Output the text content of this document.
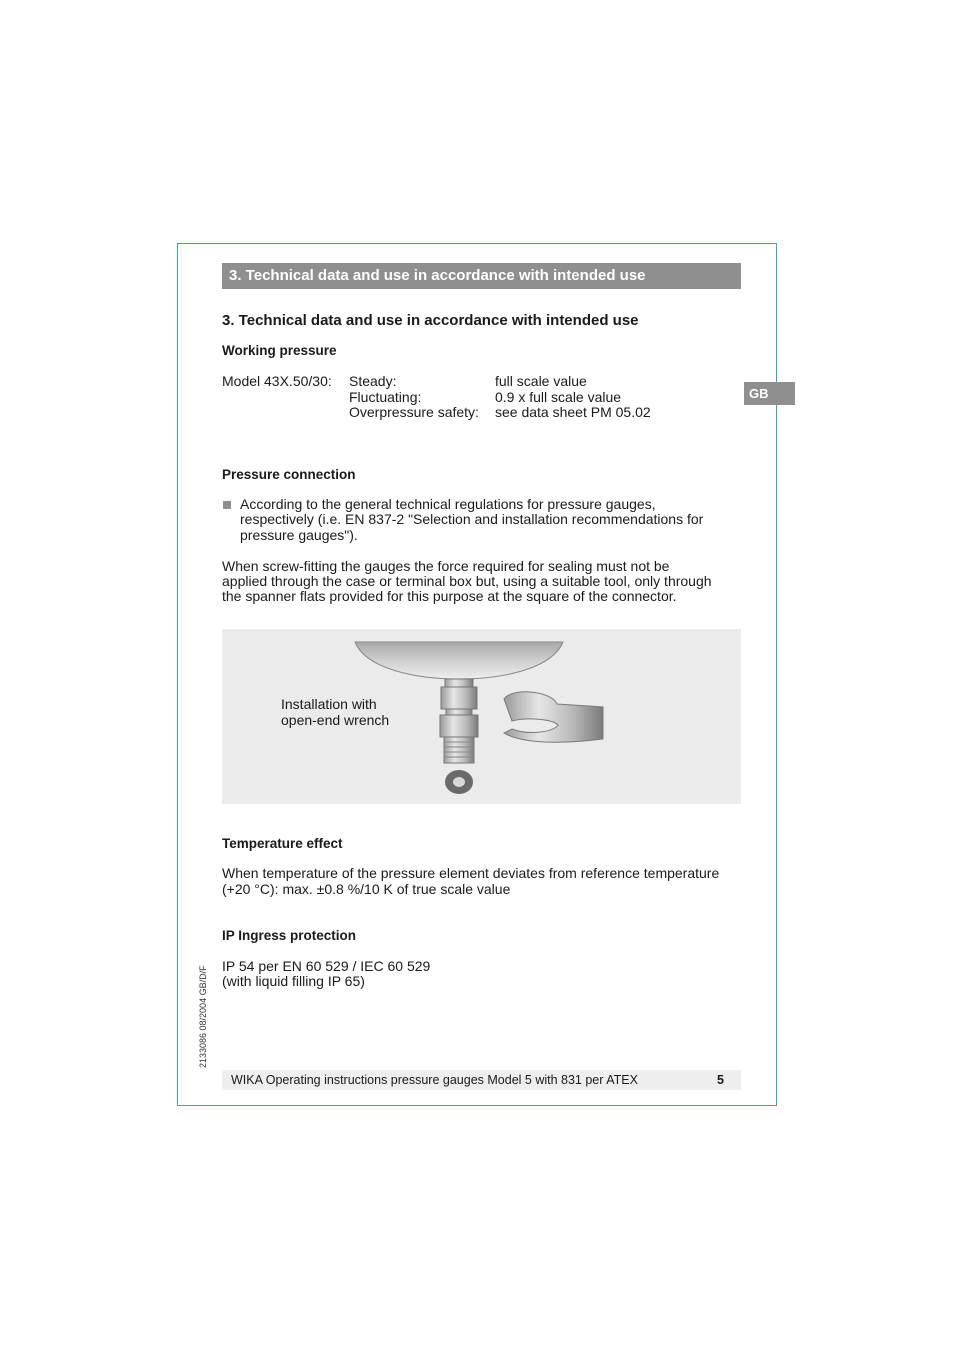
3. Technical data and use in accordance with intended use
GB
3. Technical data and use in accordance with intended use
Working pressure
Model 43X.50/30: Steady:	full scale value
Fluctuating:	0.9 x full scale value
Overpressure safety: see data sheet PM 05.02
Pressure connection
According to the general technical regulations for pressure gauges,
respectively (i.e. EN 837-2 "Selection and installation recommendations for
pressure gauges").
When screw-fitting the gauges the force required for sealing must not be
applied through the case or terminal box but, using a suitable tool, only through
the spanner flats provided for this purpose at the square of the connector.
Installation with
open-end wrench
Temperature effect
When temperature of the pressure element deviates from reference temperature
(+20 °C): max. ±0.8 %/10 K of true scale value
IP Ingress protection
IP 54 per EN 60 529 / IEC 60 529
(with liquid filling IP 65)
2133086 08/2004 GB/D/F
WIKA Operating instructions pressure gauges Model 5 with 831 per ATEX	5
